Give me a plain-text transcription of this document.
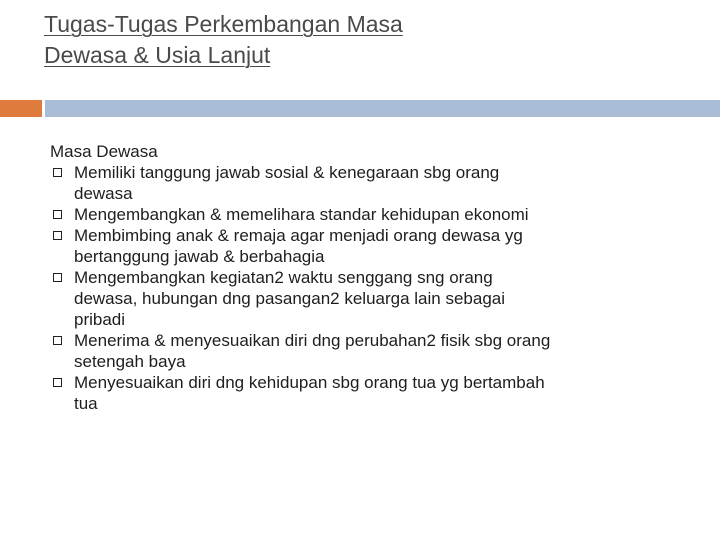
Tugas-Tugas Perkembangan Masa
Dewasa & Usia Lanjut

Masa Dewasa

Memiliki tanggung jawab sosial & kenegaraan sbg orang
dewasa
Mengembangkan & memelihara standar kehidupan ekonomi
Membimbing anak & remaja agar menjadi orang dewasa yg
bertanggung jawab & berbahagia
Mengembangkan kegiatan2 waktu senggang sng orang
dewasa, hubungan dng pasangan2 keluarga lain sebagai
pribadi
Menerima & menyesuaikan diri dng perubahan2 fisik sbg orang
setengah baya
Menyesuaikan diri dng kehidupan sbg orang tua yg bertambah
tua
